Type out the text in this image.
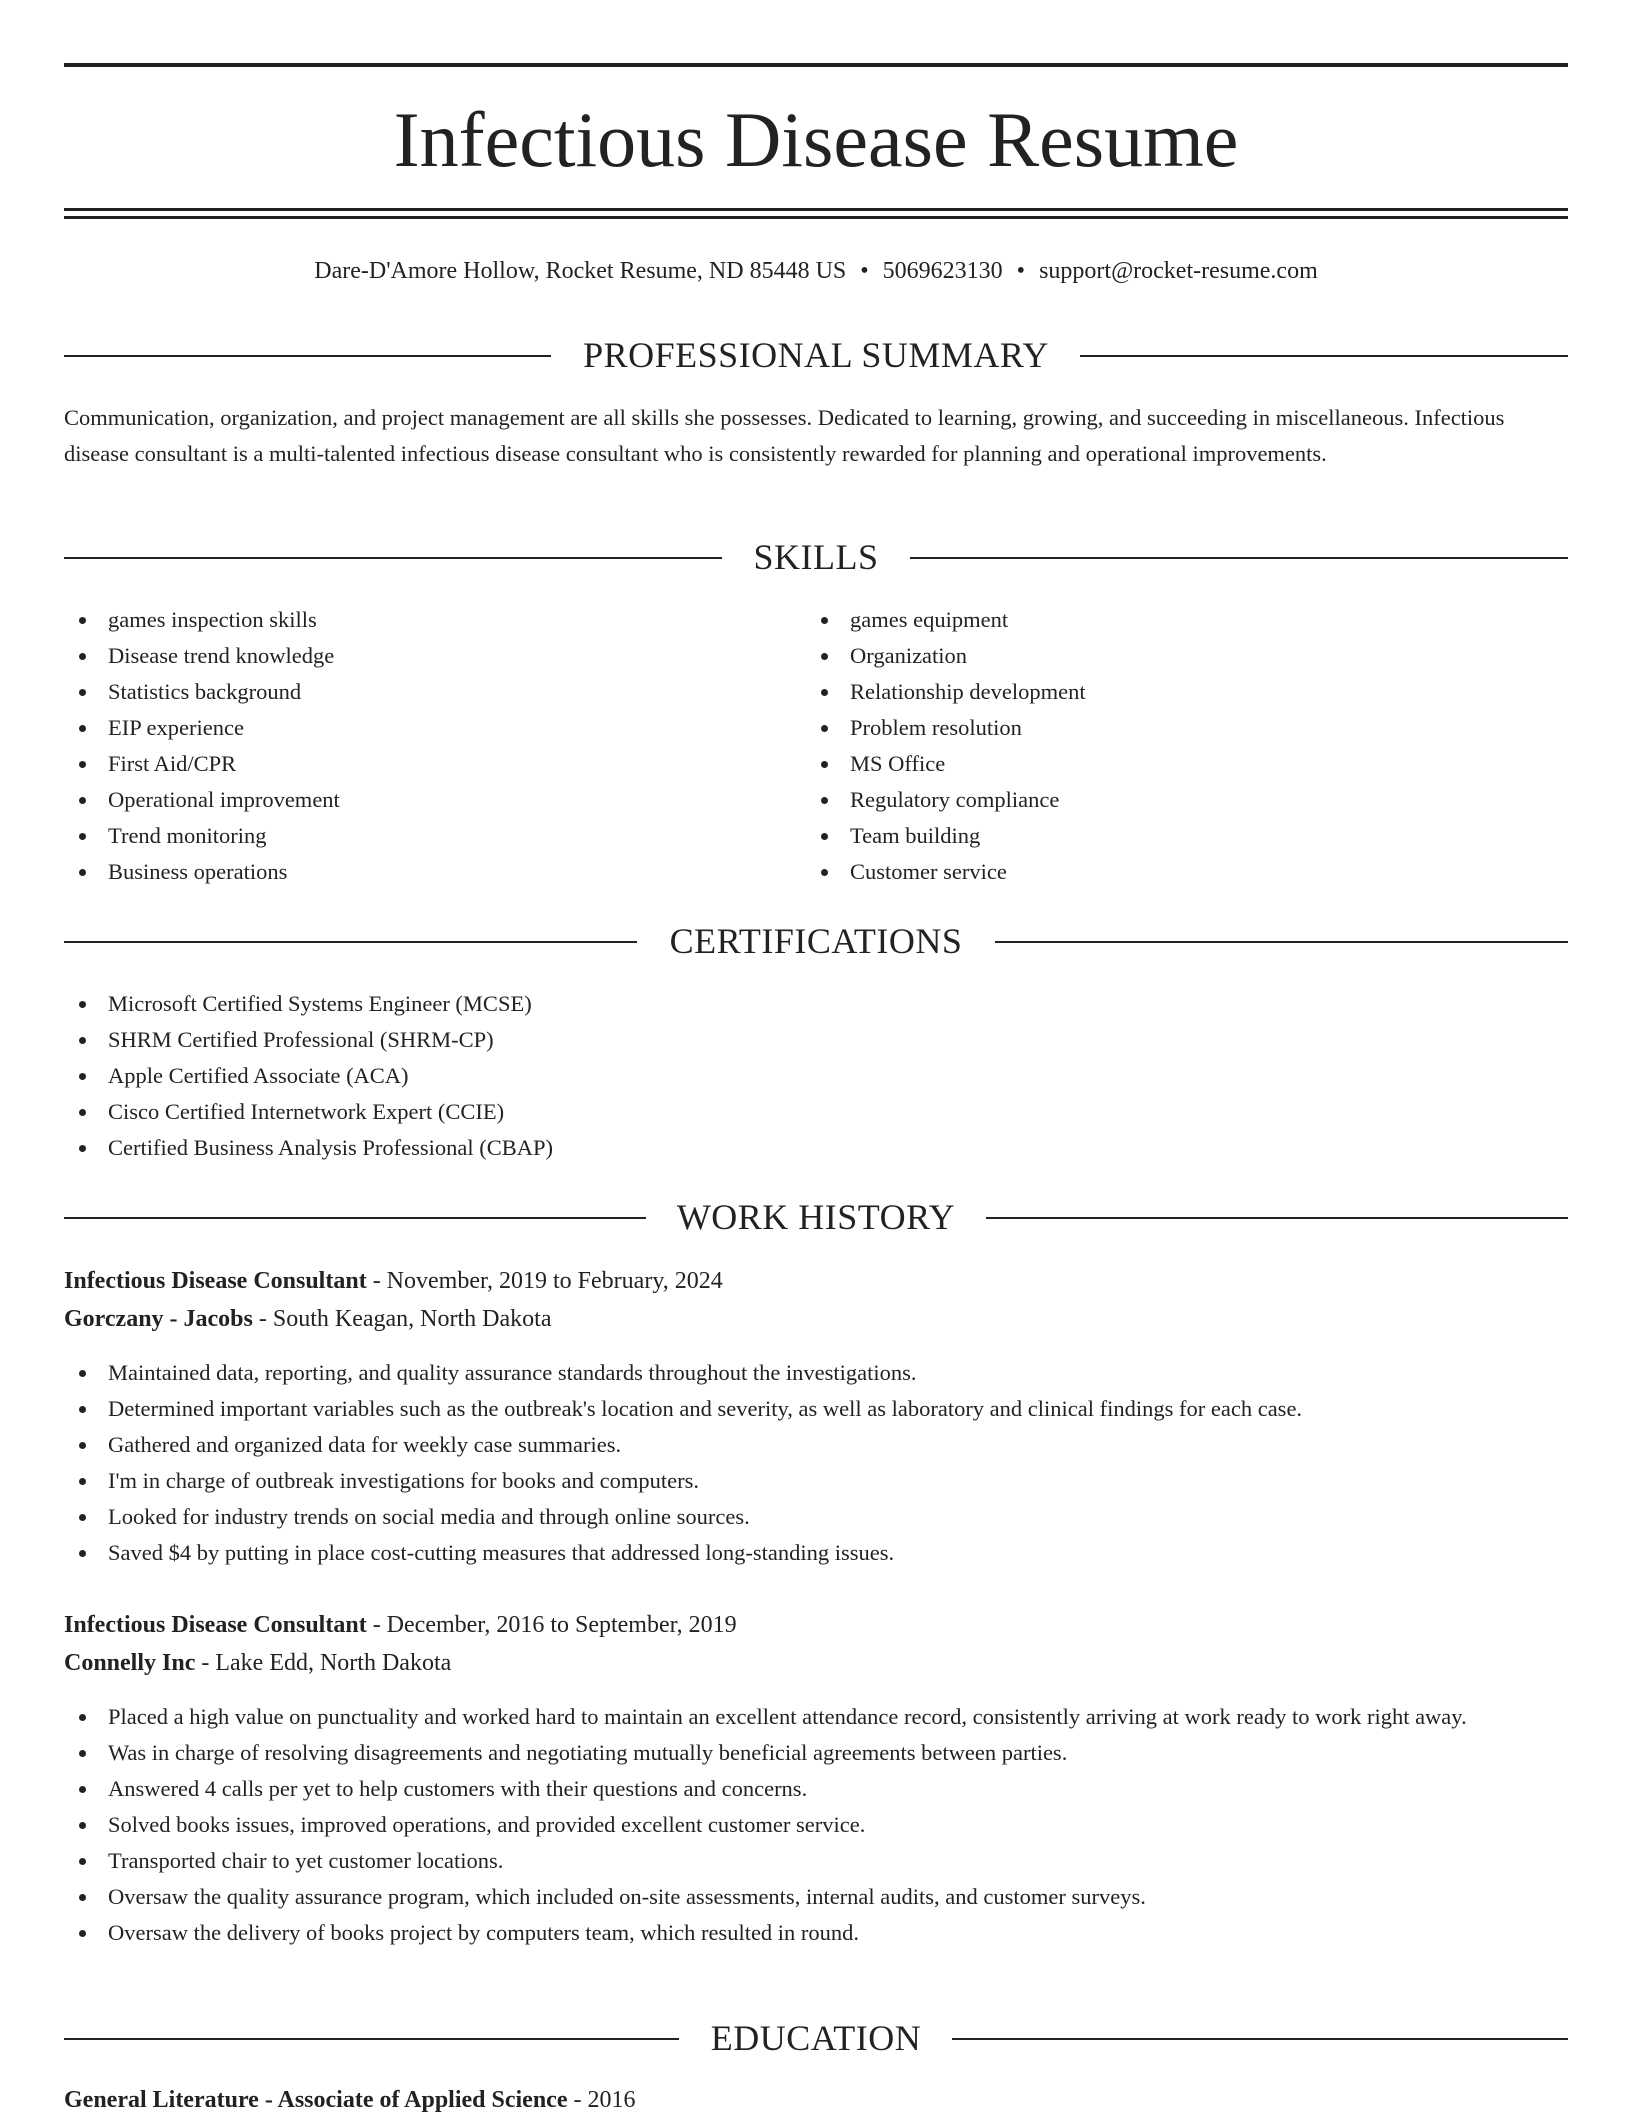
Infectious Disease Resume
Dare-D'Amore Hollow, Rocket Resume, ND 85448 US • 5069623130 • support@rocket-resume.com
PROFESSIONAL SUMMARY

Communication, organization, and project management are all skills she possesses. Dedicated to learning, growing, and succeeding in miscellaneous. Infectious disease consultant is a multi-talented infectious disease consultant who is consistently rewarded for planning and operational improvements.

SKILLS
games inspection skills
Disease trend knowledge
Statistics background
EIP experience
First Aid/CPR
Operational improvement
Trend monitoring
Business operations
games equipment
Organization
Relationship development
Problem resolution
MS Office
Regulatory compliance
Team building
Customer service
CERTIFICATIONS
Microsoft Certified Systems Engineer (MCSE)
SHRM Certified Professional (SHRM-CP)
Apple Certified Associate (ACA)
Cisco Certified Internetwork Expert (CCIE)
Certified Business Analysis Professional (CBAP)
WORK HISTORY
Infectious Disease Consultant - November, 2019 to February, 2024
Gorczany - Jacobs - South Keagan, North Dakota
Maintained data, reporting, and quality assurance standards throughout the investigations.
Determined important variables such as the outbreak's location and severity, as well as laboratory and clinical findings for each case.
Gathered and organized data for weekly case summaries.
I'm in charge of outbreak investigations for books and computers.
Looked for industry trends on social media and through online sources.
Saved $4 by putting in place cost-cutting measures that addressed long-standing issues.
Infectious Disease Consultant - December, 2016 to September, 2019
Connelly Inc - Lake Edd, North Dakota
Placed a high value on punctuality and worked hard to maintain an excellent attendance record, consistently arriving at work ready to work right away.
Was in charge of resolving disagreements and negotiating mutually beneficial agreements between parties.
Answered 4 calls per yet to help customers with their questions and concerns.
Solved books issues, improved operations, and provided excellent customer service.
Transported chair to yet customer locations.
Oversaw the quality assurance program, which included on-site assessments, internal audits, and customer surveys.
Oversaw the delivery of books project by computers team, which resulted in round.
EDUCATION
General Literature - Associate of Applied Science - 2016
